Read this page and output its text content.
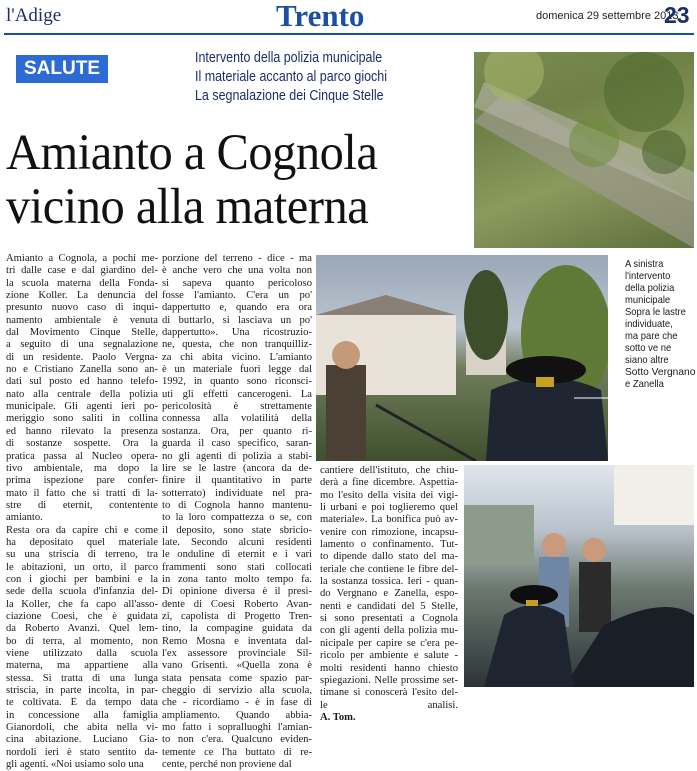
l'Adige	Trento	domenica 29 settembre 2013
23
SALUTE	Intervento della polizia municipale
Il materiale accanto al parco giochi
La segnalazione dei Cinque Stelle
Amianto a Cognola
vicino alla materna
A sinistra
l'intervento
della polizia
municipale
Sopra le lastre
individuate,
ma pare che
sotto ve ne
siano altre
Sotto Vergnano
e Zanella
Amianto a Cognola, a pochi me-
tri dalle case e dal giardino del-
la scuola materna della Fonda-
zione Koller. La denuncia del
presunto nuovo caso di inqui-
namento ambientale è venuta
dal Movimento Cinque Stelle,
a seguito di una segnalazione
di un residente. Paolo Vergna-
no e Cristiano Zanella sono an-
dati sul posto ed hanno telefo-
nato alla centrale della polizia
municipale. Gli agenti ieri po-
meriggio sono saliti in collina
ed hanno rilevato la presenza
di sostanze sospette. Ora la
pratica passa al Nucleo opera-
tivo ambientale, ma dopo la
prima ispezione pare confer-
mato il fatto che si tratti di la-
stre di eternit, contentente
amianto.
Resta ora da capire chi e come
ha depositato quel materiale
su una striscia di terreno, tra
le abitazioni, un orto, il parco
con i giochi per bambini e la
sede della scuola d'infanzia del-
la Koller, che fa capo all'asso-
ciazione Coesi, che è guidata
da Roberto Avanzi. Quel lem-
bo di terra, al momento, non
viene utilizzato dalla scuola
materna, ma appartiene alla
stessa. Si tratta di una lunga
striscia, in parte incolta, in par-
te coltivata. È da tempo data
in concessione alla famiglia
Gianordoli, che abita nella vi-
cina abitazione. Luciano Gia-
nordoli ieri è stato sentito da-
gli agenti. «Noi usiamo solo una
porzione del terreno - dice - ma
è anche vero che una volta non
si sapeva quanto pericoloso
fosse l'amianto. C'era un po'
dappertutto e, quando era ora
di buttarlo, si lasciava un po'
dappertutto». Una ricostruzio-
ne, questa, che non tranquilliz-
za chi abita vicino. L'amianto
è un materiale fuori legge dal
1992, in quanto sono riconsci-
uti gli effetti cancerogeni. La
pericolosità è strettamente
connessa alla volatilità della
sostanza. Ora, per quanto ri-
guarda il caso specifico, saran-
no gli agenti di polizia a stabi-
lire se le lastre (ancora da de-
finire il quantitativo in parte
sotterrato) individuate nel pra-
to di Cognola hanno mantenu-
to la loro compattezza o se, con
il deposito, sono state sbricio-
late. Secondo alcuni residenti
le onduline di eternit e i vari
frammenti sono stati collocati
in zona tanto molto tempo fa.
Di opinione diversa è il presi-
dente di Coesi Roberto Avan-
zi, capolista di Progetto Tren-
tino, la compagine guidata da
Remo Mosna e inventata dal-
l'ex assessore provinciale Sil-
vano Grisenti. «Quella zona è
stata pensata come spazio par-
cheggio di servizio alla scuola,
che - ricordiamo - è in fase di
ampliamento. Quando abbia-
mo fatto i sopralluoghi l'amian-
to non c'era. Qualcuno eviden-
temente ce l'ha buttato di re-
cente, perché non proviene dal
cantiere dell'istituto, che chiu-
derà a fine dicembre. Aspettia-
mo l'esito della visita dei vigi-
li urbani e poi toglieremo quel
materiale». La bonifica può av-
venire con rimozione, incapsu-
lamento o confinamento. Tut-
to dipende dallo stato del ma-
teriale che contiene le fibre del-
la sostanza tossica. Ieri - quan-
do Vergnano e Zanella, espo-
nenti e candidati del 5 Stelle,
si sono presentati a Cognola
con gli agenti della polizia mu-
nicipale per capire se c'era pe-
ricolo per ambiente e salute -
molti residenti hanno chiesto
spiegazioni. Nelle prossime set-
timane si conoscerà l'esito del-
le analisi.
A. Tom.
